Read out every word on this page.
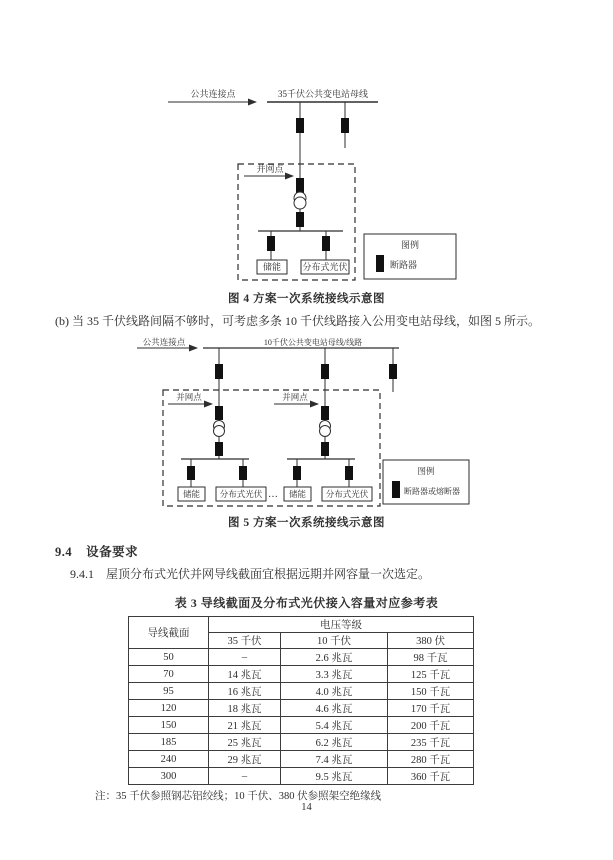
公共连接点	35千伏公共变电站母线
并网点
储能 分布式光伏
图例
断路器
图 4 方案一次系统接线示意图
(b) 当 35 千伏线路间隔不够时，可考虑多条 10 千伏线路接入公用变电站母线，如图 5 所示。
公共连接点	10千伏公共变电站母线/线路
并网点
储能 分布式光伏 …
并网点
储能 分布式光伏
图例
断路器或熔断器
图 5 方案一次系统接线示意图
9.4 设备要求
9.4.1 屋顶分布式光伏并网导线截面宜根据远期并网容量一次选定。
表 3 导线截面及分布式光伏接入容量对应参考表
导线截面	电压等级		
	35 千伏	10 千伏	380 伏
50	–	2.6 兆瓦	98 千瓦
70	14 兆瓦	3.3 兆瓦	125 千瓦
95	16 兆瓦	4.0 兆瓦	150 千瓦
120	18 兆瓦	4.6 兆瓦	170 千瓦
150	21 兆瓦	5.4 兆瓦	200 千瓦
185	25 兆瓦	6.2 兆瓦	235 千瓦
240	29 兆瓦	7.4 兆瓦	280 千瓦
300	–	9.5 兆瓦	360 千瓦
注：35 千伏参照钢芯铝绞线；10 千伏、380 伏参照架空绝缘线
14
